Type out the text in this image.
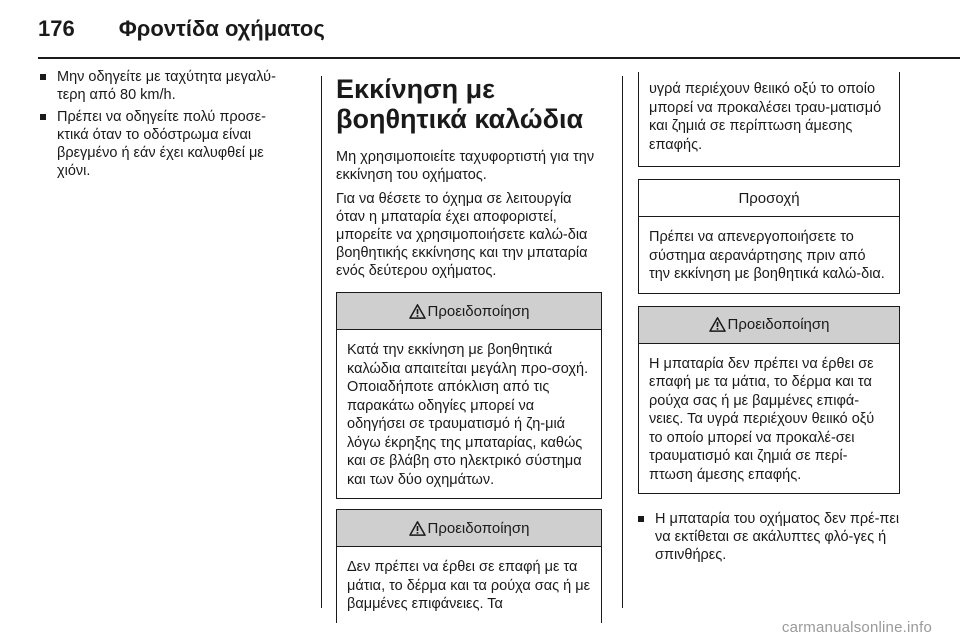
176 Φροντίδα οχήματος
Μην οδηγείτε με ταχύτητα μεγαλύ-τερη από 80 km/h.
Πρέπει να οδηγείτε πολύ προσε-κτικά όταν το οδόστρωμα είναι βρεγμένο ή εάν έχει καλυφθεί με χιόνι.
Εκκίνηση με βοηθητικά καλώδια

Μη χρησιμοποιείτε ταχυφορτιστή για την εκκίνηση του οχήματος.

Για να θέσετε το όχημα σε λειτουργία όταν η μπαταρία έχει αποφοριστεί, μπορείτε να χρησιμοποιήσετε καλώ-δια βοηθητικής εκκίνησης και την μπαταρία ενός δεύτερου οχήματος.

Προειδοποίηση
Κατά την εκκίνηση με βοηθητικά καλώδια απαιτείται μεγάλη προ-σοχή. Οποιαδήποτε απόκλιση από τις παρακάτω οδηγίες μπορεί να οδηγήσει σε τραυματισμό ή ζη-μιά λόγω έκρηξης της μπαταρίας, καθώς και σε βλάβη στο ηλεκτρικό σύστημα και των δύο οχημάτων.
Προειδοποίηση
Δεν πρέπει να έρθει σε επαφή με τα μάτια, το δέρμα και τα ρούχα σας ή με βαμμένες επιφάνειες. Τα
υγρά περιέχουν θειικό οξύ το οποίο μπορεί να προκαλέσει τραυ-ματισμό και ζημιά σε περίπτωση άμεσης επαφής.
Προσοχή
Πρέπει να απενεργοποιήσετε το σύστημα αερανάρτησης πριν από την εκκίνηση με βοηθητικά καλώ-δια.
Προειδοποίηση
Η μπαταρία δεν πρέπει να έρθει σε επαφή με τα μάτια, το δέρμα και τα ρούχα σας ή με βαμμένες επιφά-νειες. Τα υγρά περιέχουν θειικό οξύ το οποίο μπορεί να προκαλέ-σει τραυματισμό και ζημιά σε περί-πτωση άμεσης επαφής.
Η μπαταρία του οχήματος δεν πρέ-πει να εκτίθεται σε ακάλυπτες φλό-γες ή σπινθήρες.
carmanualsonline.info
